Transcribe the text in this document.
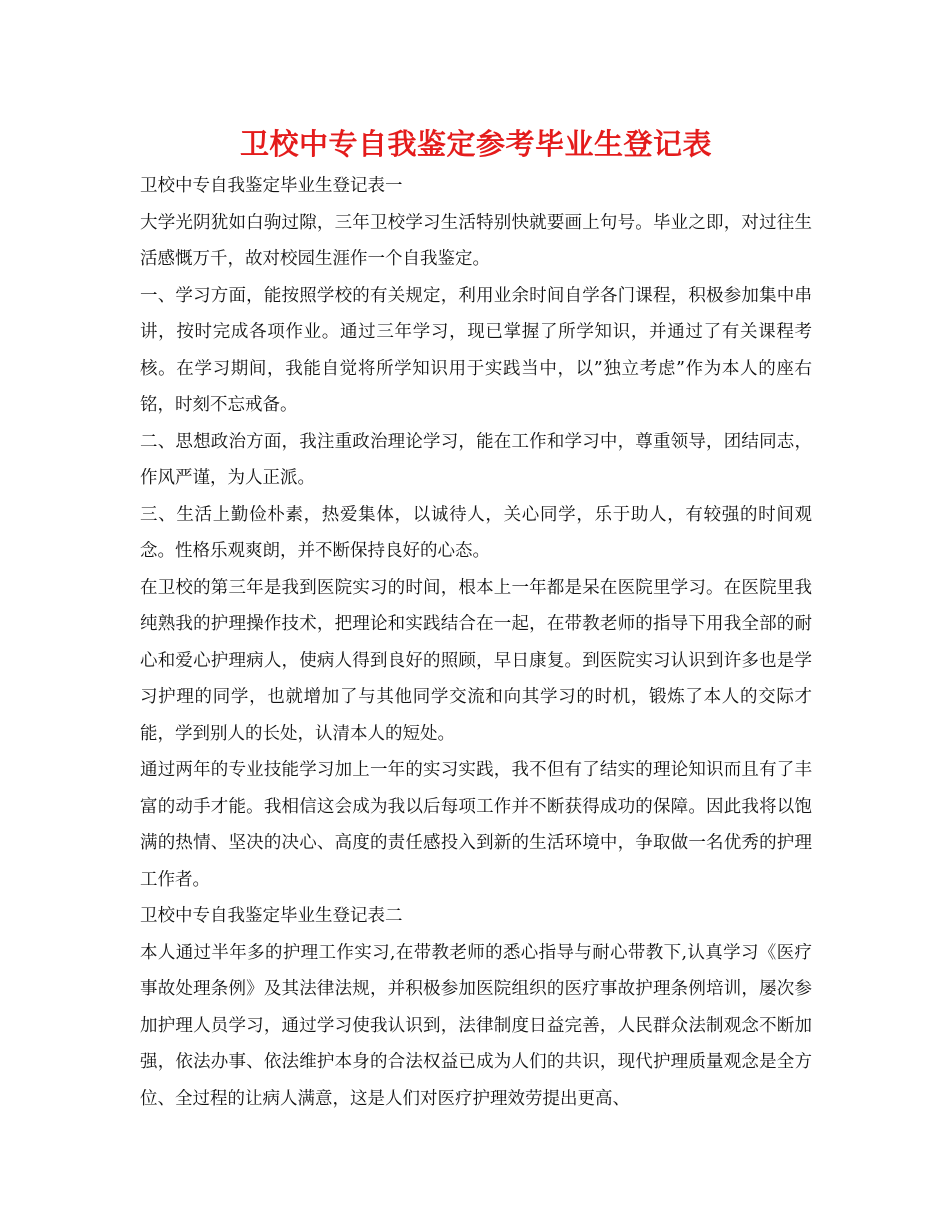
卫校中专自我鉴定参考毕业生登记表

卫校中专自我鉴定毕业生登记表一

大学光阴犹如白驹过隙，三年卫校学习生活特别快就要画上句号。毕业之即，对过往生活感慨万千，故对校园生涯作一个自我鉴定。

一、学习方面，能按照学校的有关规定，利用业余时间自学各门课程，积极参加集中串讲，按时完成各项作业。通过三年学习，现已掌握了所学知识，并通过了有关课程考核。在学习期间，我能自觉将所学知识用于实践当中，以”独立考虑”作为本人的座右铭，时刻不忘戒备。

二、思想政治方面，我注重政治理论学习，能在工作和学习中，尊重领导，团结同志，作风严谨，为人正派。

三、生活上勤俭朴素，热爱集体，以诚待人，关心同学，乐于助人，有较强的时间观念。性格乐观爽朗，并不断保持良好的心态。

在卫校的第三年是我到医院实习的时间，根本上一年都是呆在医院里学习。在医院里我纯熟我的护理操作技术，把理论和实践结合在一起，在带教老师的指导下用我全部的耐心和爱心护理病人，使病人得到良好的照顾，早日康复。到医院实习认识到许多也是学习护理的同学，也就增加了与其他同学交流和向其学习的时机，锻炼了本人的交际才能，学到别人的长处，认清本人的短处。

通过两年的专业技能学习加上一年的实习实践，我不但有了结实的理论知识而且有了丰富的动手才能。我相信这会成为我以后每项工作并不断获得成功的保障。因此我将以饱满的热情、坚决的决心、高度的责任感投入到新的生活环境中，争取做一名优秀的护理工作者。

卫校中专自我鉴定毕业生登记表二

本人通过半年多的护理工作实习,在带教老师的悉心指导与耐心带教下,认真学习《医疗事故处理条例》及其法律法规，并积极参加医院组织的医疗事故护理条例培训，屡次参加护理人员学习，通过学习使我认识到，法律制度日益完善，人民群众法制观念不断加强，依法办事、依法维护本身的合法权益已成为人们的共识，现代护理质量观念是全方位、全过程的让病人满意，这是人们对医疗护理效劳提出更高、
